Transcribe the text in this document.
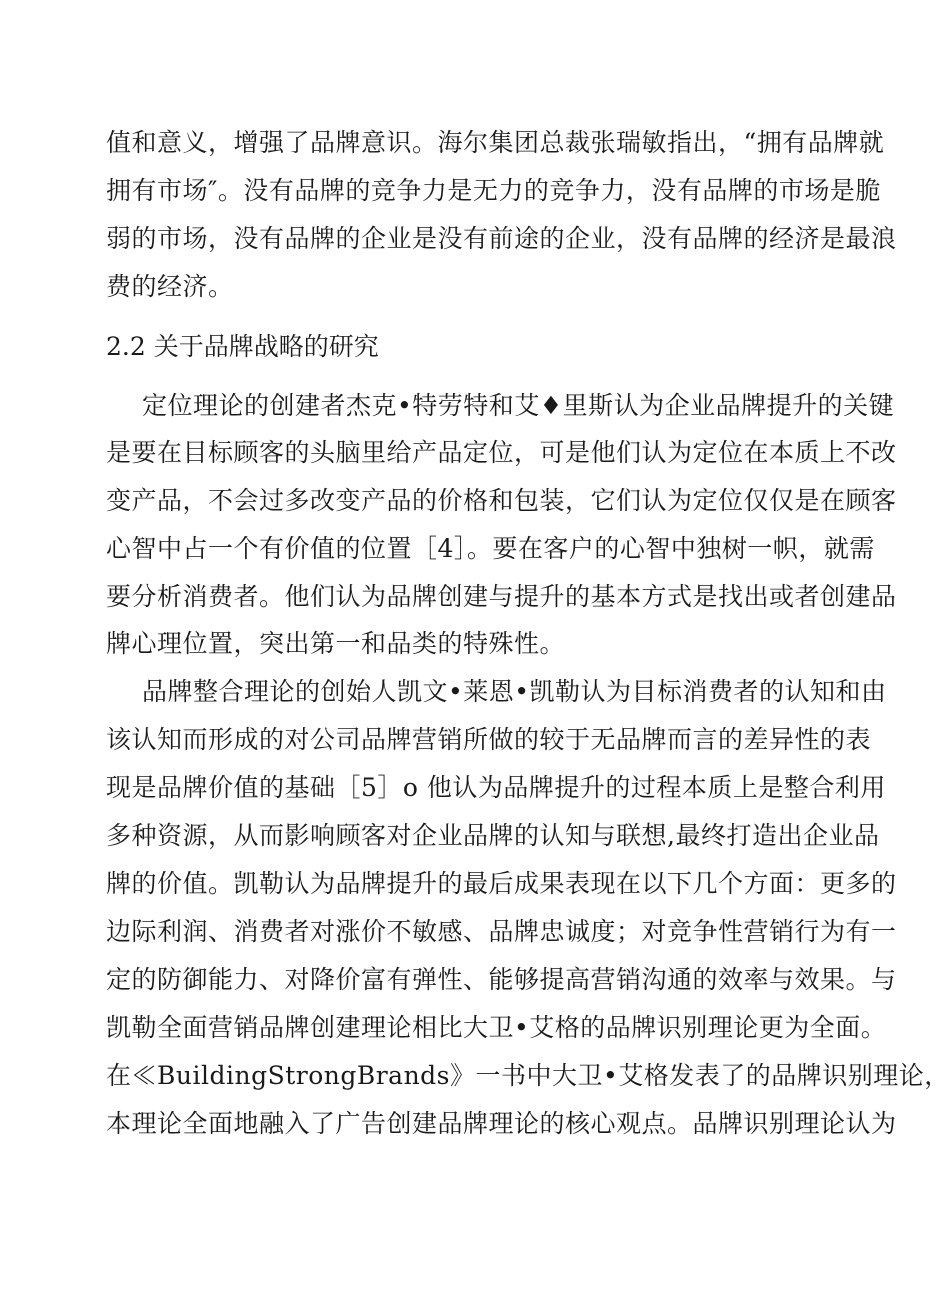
值和意义，增强了品牌意识。海尔集团总裁张瑞敏指出，“拥有品牌就
拥有市场″。没有品牌的竞争力是无力的竞争力，没有品牌的市场是脆
弱的市场，没有品牌的企业是没有前途的企业，没有品牌的经济是最浪
费的经济。
2.2 关于品牌战略的研究
定位理论的创建者杰克•特劳特和艾♦里斯认为企业品牌提升的关键
是要在目标顾客的头脑里给产品定位，可是他们认为定位在本质上不改
变产品，不会过多改变产品的价格和包装，它们认为定位仅仅是在顾客
心智中占一个有价值的位置［4］。要在客户的心智中独树一帜，就需
要分析消费者。他们认为品牌创建与提升的基本方式是找出或者创建品
牌心理位置，突出第一和品类的特殊性。
品牌整合理论的创始人凯文•莱恩•凯勒认为目标消费者的认知和由
该认知而形成的对公司品牌营销所做的较于无品牌而言的差异性的表
现是品牌价值的基础［5］o 他认为品牌提升的过程本质上是整合利用
多种资源，从而影响顾客对企业品牌的认知与联想,最终打造出企业品
牌的价值。凯勒认为品牌提升的最后成果表现在以下几个方面：更多的
边际利润、消费者对涨价不敏感、品牌忠诚度；对竞争性营销行为有一
定的防御能力、对降价富有弹性、能够提高营销沟通的效率与效果。与
凯勒全面营销品牌创建理论相比大卫•艾格的品牌识别理论更为全面。
在≪BuildingStrongBrands》一书中大卫•艾格发表了的品牌识别理论，
本理论全面地融入了广告创建品牌理论的核心观点。品牌识别理论认为
